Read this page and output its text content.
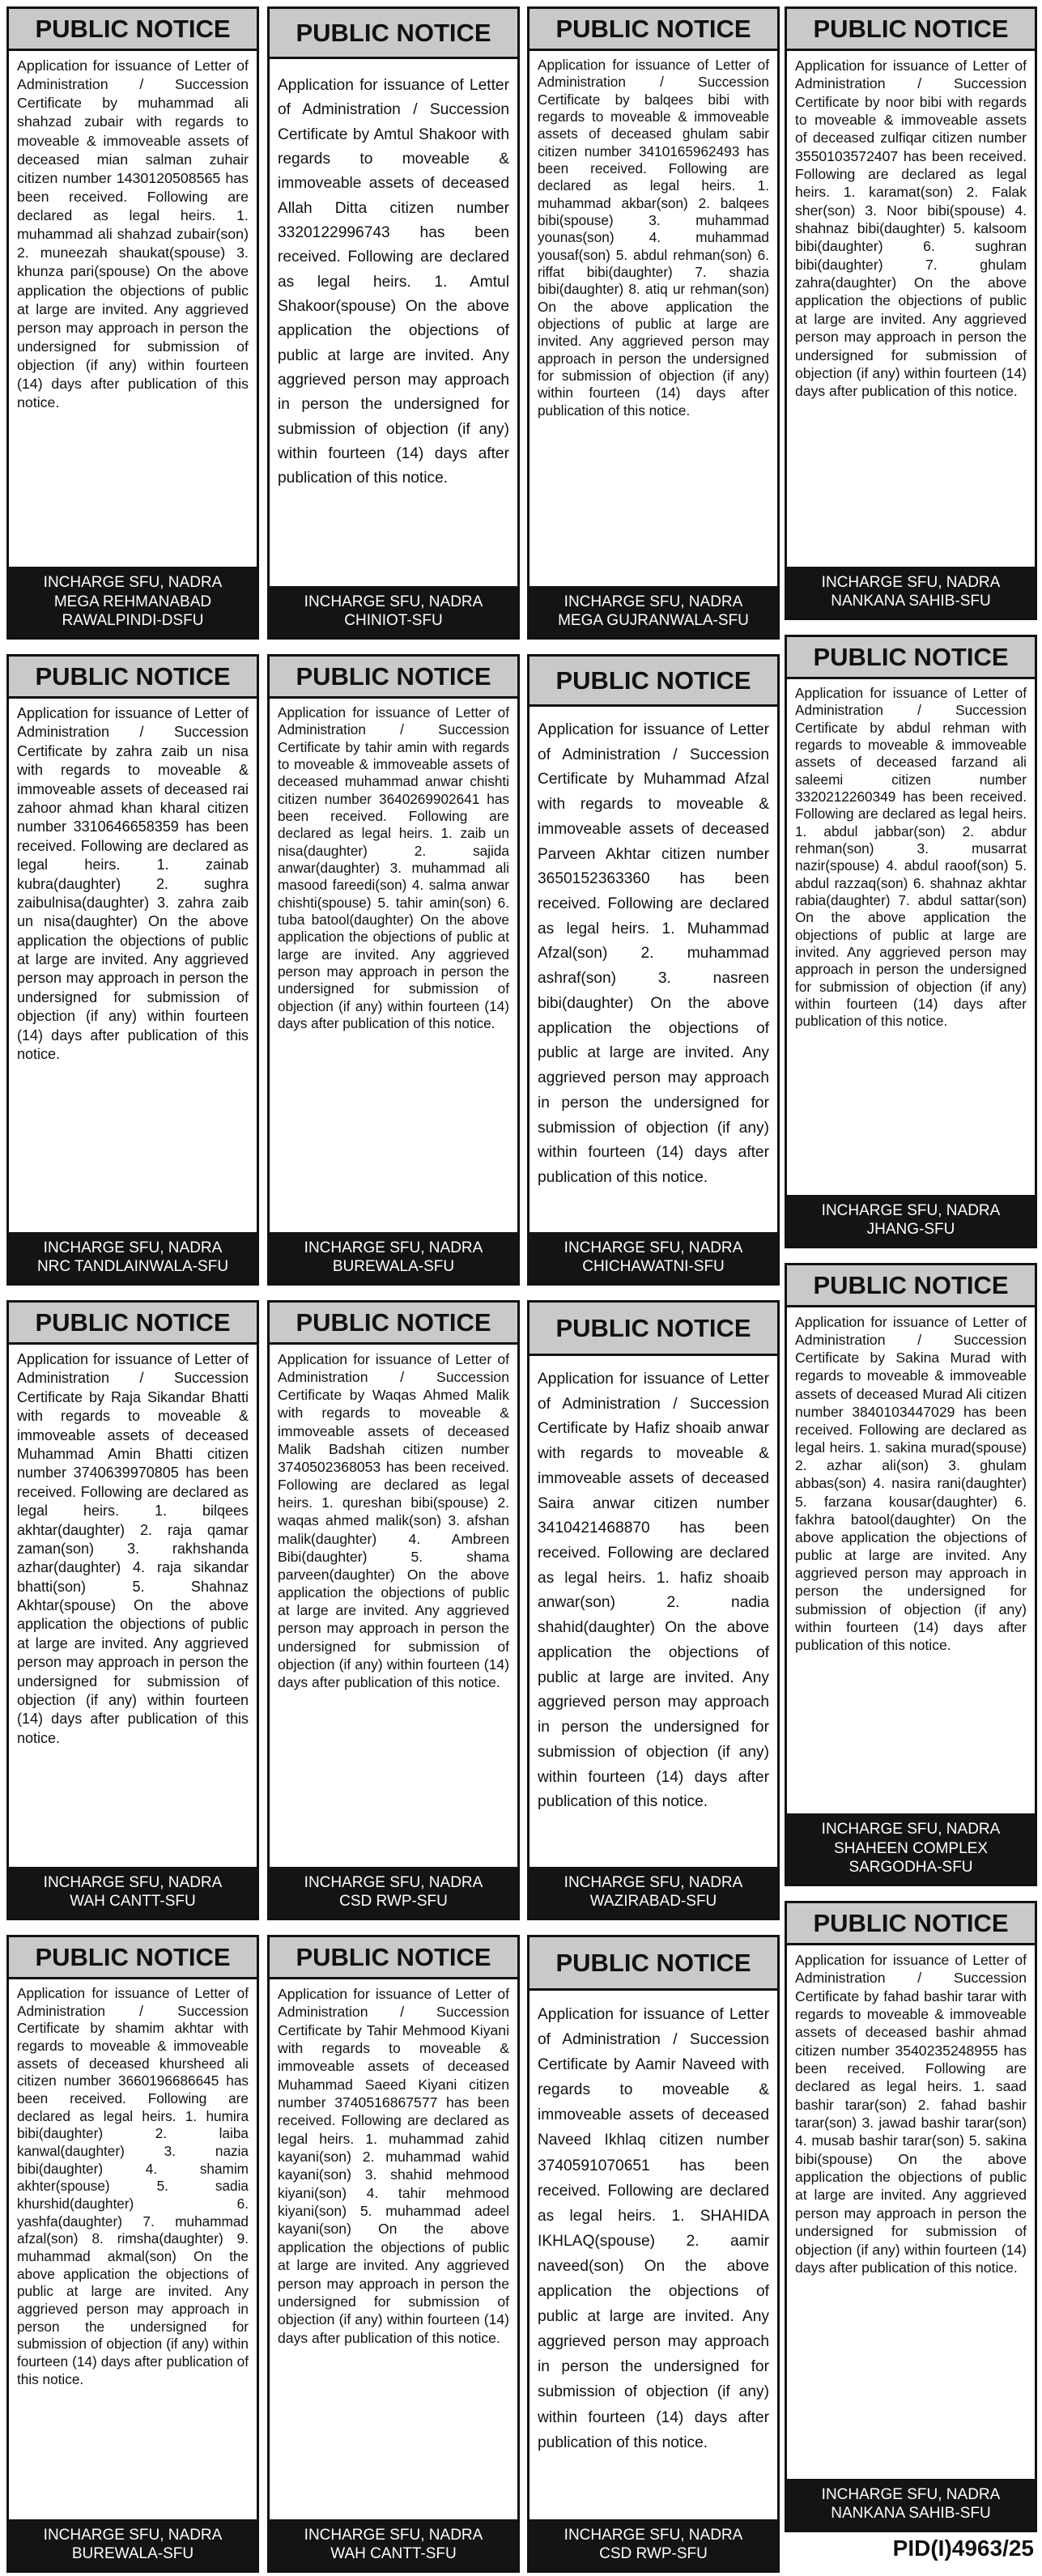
PUBLIC NOTICE
Application for issuance of Letter of Administration / Succession Certificate by muhammad ali shahzad zubair with regards to moveable & immoveable assets of deceased mian salman zuhair citizen number 1430120508565 has been received. Following are declared as legal heirs. 1. muhammad ali shahzad zubair(son) 2. muneezah shaukat(spouse) 3. khunza pari(spouse) On the above application the objections of public at large are invited. Any aggrieved person may approach in person the undersigned for submission of objection (if any) within fourteen (14) days after publication of this notice.
INCHARGE SFU, NADRA
MEGA REHMANABAD
RAWALPINDI-DSFU
PUBLIC NOTICE
Application for issuance of Letter of Administration / Succession Certificate by zahra zaib un nisa with regards to moveable & immoveable assets of deceased rai zahoor ahmad khan kharal citizen number 3310646658359 has been received. Following are declared as legal heirs. 1. zainab kubra(daughter) 2. sughra zaibulnisa(daughter) 3. zahra zaib un nisa(daughter) On the above application the objections of public at large are invited. Any aggrieved person may approach in person the undersigned for submission of objection (if any) within fourteen (14) days after publication of this notice.
INCHARGE SFU, NADRA
NRC TANDLAINWALA-SFU
PUBLIC NOTICE
Application for issuance of Letter of Administration / Succession Certificate by Raja Sikandar Bhatti with regards to moveable & immoveable assets of deceased Muhammad Amin Bhatti citizen number 3740639970805 has been received. Following are declared as legal heirs. 1. bilqees akhtar(daughter) 2. raja qamar zaman(son) 3. rakhshanda azhar(daughter) 4. raja sikandar bhatti(son) 5. Shahnaz Akhtar(spouse) On the above application the objections of public at large are invited. Any aggrieved person may approach in person the undersigned for submission of objection (if any) within fourteen (14) days after publication of this notice.
INCHARGE SFU, NADRA
WAH CANTT-SFU
PUBLIC NOTICE
Application for issuance of Letter of Administration / Succession Certificate by shamim akhtar with regards to moveable & immoveable assets of deceased khursheed ali citizen number 3660196686645 has been received. Following are declared as legal heirs. 1. humira bibi(daughter) 2. laiba kanwal(daughter) 3. nazia bibi(daughter) 4. shamim akhter(spouse) 5. sadia khurshid(daughter) 6. yashfa(daughter) 7. muhammad afzal(son) 8. rimsha(daughter) 9. muhammad akmal(son) On the above application the objections of public at large are invited. Any aggrieved person may approach in person the undersigned for submission of objection (if any) within fourteen (14) days after publication of this notice.
INCHARGE SFU, NADRA
BUREWALA-SFU
PUBLIC NOTICE
Application for issuance of Letter of Administration / Succession Certificate by Amtul Shakoor with regards to moveable & immoveable assets of deceased Allah Ditta citizen number 3320122996743 has been received. Following are declared as legal heirs. 1. Amtul Shakoor(spouse) On the above application the objections of public at large are invited. Any aggrieved person may approach in person the undersigned for submission of objection (if any) within fourteen (14) days after publication of this notice.
INCHARGE SFU, NADRA
CHINIOT-SFU
PUBLIC NOTICE
Application for issuance of Letter of Administration / Succession Certificate by tahir amin with regards to moveable & immoveable assets of deceased muhammad anwar chishti citizen number 3640269902641 has been received. Following are declared as legal heirs. 1. zaib un nisa(daughter) 2. sajida anwar(daughter) 3. muhammad ali masood fareedi(son) 4. salma anwar chishti(spouse) 5. tahir amin(son) 6. tuba batool(daughter) On the above application the objections of public at large are invited. Any aggrieved person may approach in person the undersigned for submission of objection (if any) within fourteen (14) days after publication of this notice.
INCHARGE SFU, NADRA
BUREWALA-SFU
PUBLIC NOTICE
Application for issuance of Letter of Administration / Succession Certificate by Waqas Ahmed Malik with regards to moveable & immoveable assets of deceased Malik Badshah citizen number 3740502368053 has been received. Following are declared as legal heirs. 1. qureshan bibi(spouse) 2. waqas ahmed malik(son) 3. afshan malik(daughter) 4. Ambreen Bibi(daughter) 5. shama parveen(daughter) On the above application the objections of public at large are invited. Any aggrieved person may approach in person the undersigned for submission of objection (if any) within fourteen (14) days after publication of this notice.
INCHARGE SFU, NADRA
CSD RWP-SFU
PUBLIC NOTICE
Application for issuance of Letter of Administration / Succession Certificate by Tahir Mehmood Kiyani with regards to moveable & immoveable assets of deceased Muhammad Saeed Kiyani citizen number 3740516867577 has been received. Following are declared as legal heirs. 1. muhammad zahid kayani(son) 2. muhammad wahid kayani(son) 3. shahid mehmood kiyani(son) 4. tahir mehmood kiyani(son) 5. muhammad adeel kayani(son) On the above application the objections of public at large are invited. Any aggrieved person may approach in person the undersigned for submission of objection (if any) within fourteen (14) days after publication of this notice.
INCHARGE SFU, NADRA
WAH CANTT-SFU
PUBLIC NOTICE
Application for issuance of Letter of Administration / Succession Certificate by balqees bibi with regards to moveable & immoveable assets of deceased ghulam sabir citizen number 3410165962493 has been received. Following are declared as legal heirs. 1. muhammad akbar(son) 2. balqees bibi(spouse) 3. muhammad younas(son) 4. muhammad yousaf(son) 5. abdul rehman(son) 6. riffat bibi(daughter) 7. shazia bibi(daughter) 8. atiq ur rehman(son) On the above application the objections of public at large are invited. Any aggrieved person may approach in person the undersigned for submission of objection (if any) within fourteen (14) days after publication of this notice.
INCHARGE SFU, NADRA
MEGA GUJRANWALA-SFU
PUBLIC NOTICE
Application for issuance of Letter of Administration / Succession Certificate by Muhammad Afzal with regards to moveable & immoveable assets of deceased Parveen Akhtar citizen number 3650152363360 has been received. Following are declared as legal heirs. 1. Muhammad Afzal(son) 2. muhammad ashraf(son) 3. nasreen bibi(daughter) On the above application the objections of public at large are invited. Any aggrieved person may approach in person the undersigned for submission of objection (if any) within fourteen (14) days after publication of this notice.
INCHARGE SFU, NADRA
CHICHAWATNI-SFU
PUBLIC NOTICE
Application for issuance of Letter of Administration / Succession Certificate by Hafiz shoaib anwar with regards to moveable & immoveable assets of deceased Saira anwar citizen number 3410421468870 has been received. Following are declared as legal heirs. 1. hafiz shoaib anwar(son) 2. nadia shahid(daughter) On the above application the objections of public at large are invited. Any aggrieved person may approach in person the undersigned for submission of objection (if any) within fourteen (14) days after publication of this notice.
INCHARGE SFU, NADRA
WAZIRABAD-SFU
PUBLIC NOTICE
Application for issuance of Letter of Administration / Succession Certificate by Aamir Naveed with regards to moveable & immoveable assets of deceased Naveed Ikhlaq citizen number 3740591070651 has been received. Following are declared as legal heirs. 1. SHAHIDA IKHLAQ(spouse) 2. aamir naveed(son) On the above application the objections of public at large are invited. Any aggrieved person may approach in person the undersigned for submission of objection (if any) within fourteen (14) days after publication of this notice.
INCHARGE SFU, NADRA
CSD RWP-SFU
PUBLIC NOTICE
Application for issuance of Letter of Administration / Succession Certificate by noor bibi with regards to moveable & immoveable assets of deceased zulfiqar citizen number 3550103572407 has been received. Following are declared as legal heirs. 1. karamat(son) 2. Falak sher(son) 3. Noor bibi(spouse) 4. shahnaz bibi(daughter) 5. kalsoom bibi(daughter) 6. sughran bibi(daughter) 7. ghulam zahra(daughter) On the above application the objections of public at large are invited. Any aggrieved person may approach in person the undersigned for submission of objection (if any) within fourteen (14) days after publication of this notice.
INCHARGE SFU, NADRA
NANKANA SAHIB-SFU
PUBLIC NOTICE
Application for issuance of Letter of Administration / Succession Certificate by abdul rehman with regards to moveable & immoveable assets of deceased farzand ali saleemi citizen number 3320212260349 has been received. Following are declared as legal heirs. 1. abdul jabbar(son) 2. abdur rehman(son) 3. musarrat nazir(spouse) 4. abdul raoof(son) 5. abdul razzaq(son) 6. shahnaz akhtar rabia(daughter) 7. abdul sattar(son) On the above application the objections of public at large are invited. Any aggrieved person may approach in person the undersigned for submission of objection (if any) within fourteen (14) days after publication of this notice.
INCHARGE SFU, NADRA
JHANG-SFU
PUBLIC NOTICE
Application for issuance of Letter of Administration / Succession Certificate by Sakina Murad with regards to moveable & immoveable assets of deceased Murad Ali citizen number 3840103447029 has been received. Following are declared as legal heirs. 1. sakina murad(spouse) 2. azhar ali(son) 3. ghulam abbas(son) 4. nasira rani(daughter) 5. farzana kousar(daughter) 6. fakhra batool(daughter) On the above application the objections of public at large are invited. Any aggrieved person may approach in person the undersigned for submission of objection (if any) within fourteen (14) days after publication of this notice.
INCHARGE SFU, NADRA
SHAHEEN COMPLEX
SARGODHA-SFU
PUBLIC NOTICE
Application for issuance of Letter of Administration / Succession Certificate by fahad bashir tarar with regards to moveable & immoveable assets of deceased bashir ahmad citizen number 3540235248955 has been received. Following are declared as legal heirs. 1. saad bashir tarar(son) 2. fahad bashir tarar(son) 3. jawad bashir tarar(son) 4. musab bashir tarar(son) 5. sakina bibi(spouse) On the above application the objections of public at large are invited. Any aggrieved person may approach in person the undersigned for submission of objection (if any) within fourteen (14) days after publication of this notice.
INCHARGE SFU, NADRA
NANKANA SAHIB-SFU
PID(I)4963/25
